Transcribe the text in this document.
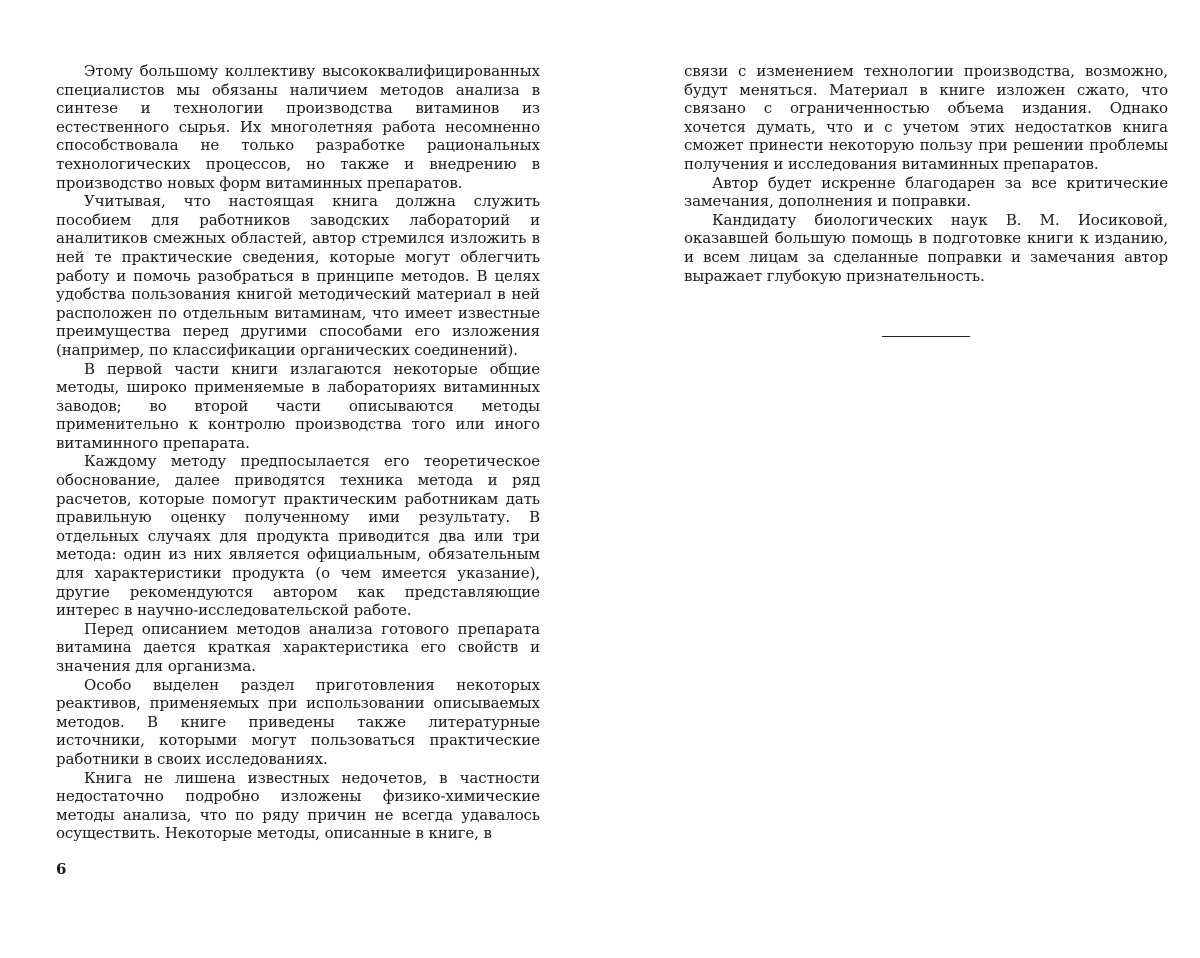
Этому большому коллективу высококвалифицированных специалистов мы обязаны наличием методов анализа в синтезе и технологии производства витаминов из естественного сырья. Их многолетняя работа несомненно способствовала не только разработке рациональных технологических процессов, но также и внедрению в производство новых форм витаминных препаратов.

Учитывая, что настоящая книга должна служить пособием для работников заводских лабораторий и аналитиков смежных областей, автор стремился изложить в ней те практические сведения, которые могут облегчить работу и помочь разобраться в принципе методов. В целях удобства пользования книгой методический материал в ней расположен по отдельным витаминам, что имеет известные преимущества перед другими способами его изложения (например, по классификации органических соединений).

В первой части книги излагаются некоторые общие методы, широко применяемые в лабораториях витаминных заводов; во второй части описываются методы применительно к контролю производства того или иного витаминного препарата.

Каждому методу предпосылается его теоретическое обоснование, далее приводятся техника метода и ряд расчетов, которые помогут практическим работникам дать правильную оценку полученному ими результату. В отдельных случаях для продукта приводится два или три метода: один из них является официальным, обязательным для характеристики продукта (о чем имеется указание), другие рекомендуются автором как представляющие интерес в научно-исследовательской работе.

Перед описанием методов анализа готового препарата витамина дается краткая характеристика его свойств и значения для организма.

Особо выделен раздел приготовления некоторых реактивов, применяемых при использовании описываемых методов. В книге приведены также литературные источники, которыми могут пользоваться практические работники в своих исследованиях.

Книга не лишена известных недочетов, в частности недостаточно подробно изложены физико-химические методы анализа, что по ряду причин не всегда удавалось осуществить. Некоторые методы, описанные в книге, в

6

связи с изменением технологии производства, возможно, будут меняться. Материал в книге изложен сжато, что связано с ограниченностью объема издания. Однако хочется думать, что и с учетом этих недостатков книга сможет принести некоторую пользу при решении проблемы получения и исследования витаминных препаратов.

Автор будет искренне благодарен за все критические замечания, дополнения и поправки.

Кандидату биологических наук В. М. Иосиковой, оказавшей большую помощь в подготовке книги к изданию, и всем лицам за сделанные поправки и замечания автор выражает глубокую признательность.
